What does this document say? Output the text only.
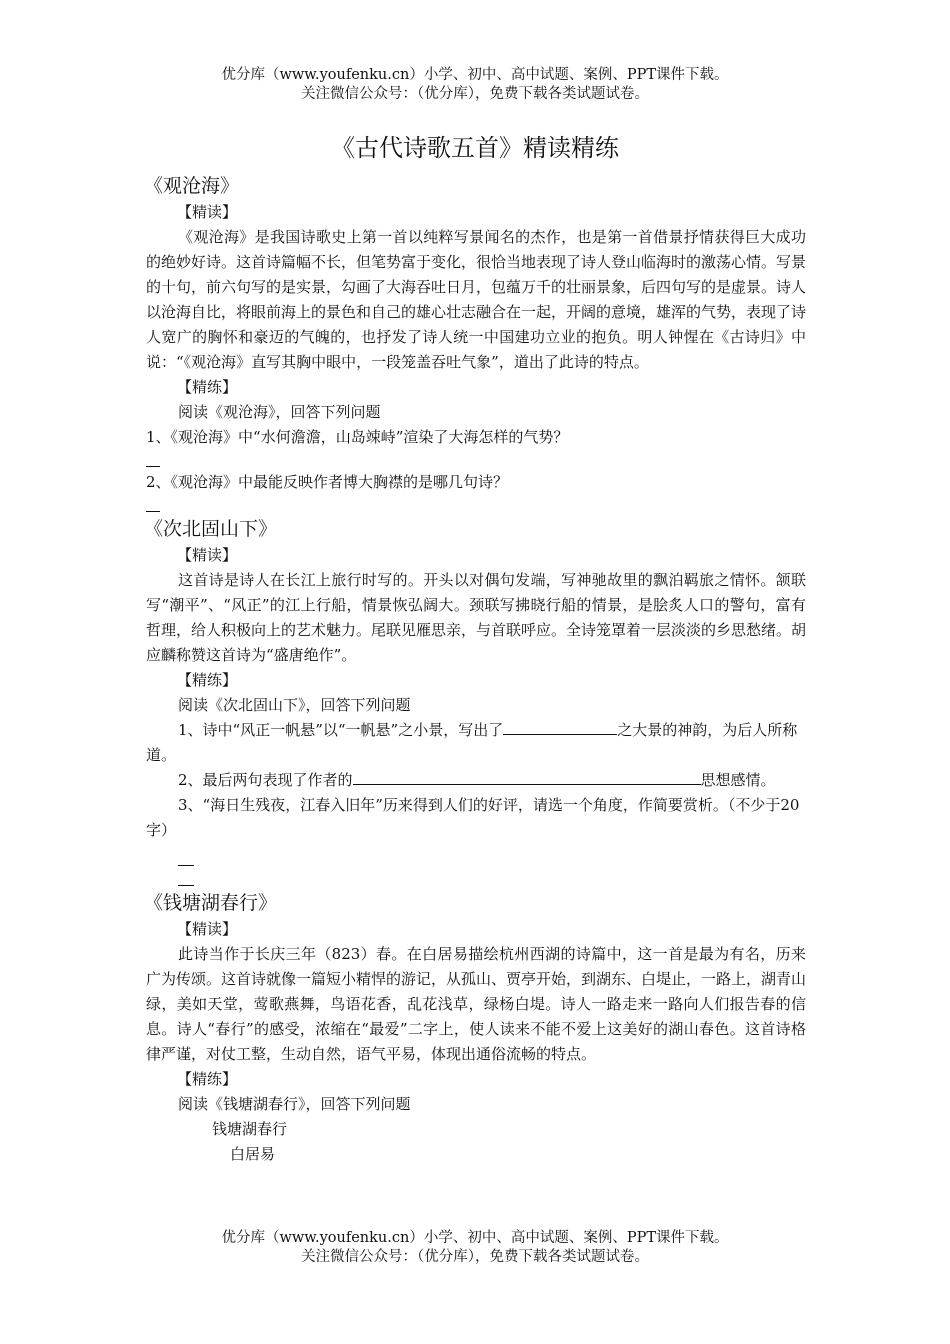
优分库（www.youfenku.cn）小学、初中、高中试题、案例、PPT课件下载。
关注微信公众号：（优分库），免费下载各类试题试卷。
《古代诗歌五首》精读精练
《观沧海》
【精读】
《观沧海》是我国诗歌史上第一首以纯粹写景闻名的杰作，也是第一首借景抒情获得巨大成功的绝妙好诗。这首诗篇幅不长，但笔势富于变化，很恰当地表现了诗人登山临海时的激荡心情。写景的十句，前六句写的是实景，勾画了大海吞吐日月，包蕴万千的壮丽景象，后四句写的是虚景。诗人以沧海自比，将眼前海上的景色和自己的雄心壮志融合在一起，开阔的意境，雄浑的气势，表现了诗人宽广的胸怀和豪迈的气魄的，也抒发了诗人统一中国建功立业的抱负。明人钟惺在《古诗归》中说：“《观沧海》直写其胸中眼中，一段笼盖吞吐气象”，道出了此诗的特点。
【精练】
阅读《观沧海》，回答下列问题
1、《观沧海》中“水何澹澹，山岛竦峙”渲染了大海怎样的气势？
2、《观沧海》中最能反映作者博大胸襟的是哪几句诗？
《次北固山下》
【精读】
这首诗是诗人在长江上旅行时写的。开头以对偶句发端，写神驰故里的飘泊羁旅之情怀。颔联写“潮平”、“风正”的江上行船，情景恢弘阔大。颈联写拂晓行船的情景，是脍炙人口的警句，富有哲理，给人积极向上的艺术魅力。尾联见雁思亲，与首联呼应。全诗笼罩着一层淡淡的乡思愁绪。胡应麟称赞这首诗为“盛唐绝作”。
【精练】
阅读《次北固山下》，回答下列问题
1、诗中“风正一帆悬”以“一帆悬”之小景，写出了	之大景的神韵，为后人所称道。
2、最后两句表现了作者的	思想感情。
3、“海日生残夜，江春入旧年”历来得到人们的好评，请选一个角度，作简要赏析。（不少于20字）
《钱塘湖春行》
【精读】
此诗当作于长庆三年（823）春。在白居易描绘杭州西湖的诗篇中，这一首是最为有名，历来广为传颂。这首诗就像一篇短小精悍的游记，从孤山、贾亭开始，到湖东、白堤止，一路上，湖青山绿，美如天堂，莺歌燕舞，鸟语花香，乱花浅草，绿杨白堤。诗人一路走来一路向人们报告春的信息。诗人“春行”的感受，浓缩在“最爱”二字上，使人读来不能不爱上这美好的湖山春色。这首诗格律严谨，对仗工整，生动自然，语气平易，体现出通俗流畅的特点。
【精练】
阅读《钱塘湖春行》，回答下列问题
钱塘湖春行
白居易
优分库（www.youfenku.cn）小学、初中、高中试题、案例、PPT课件下载。
关注微信公众号：（优分库），免费下载各类试题试卷。
